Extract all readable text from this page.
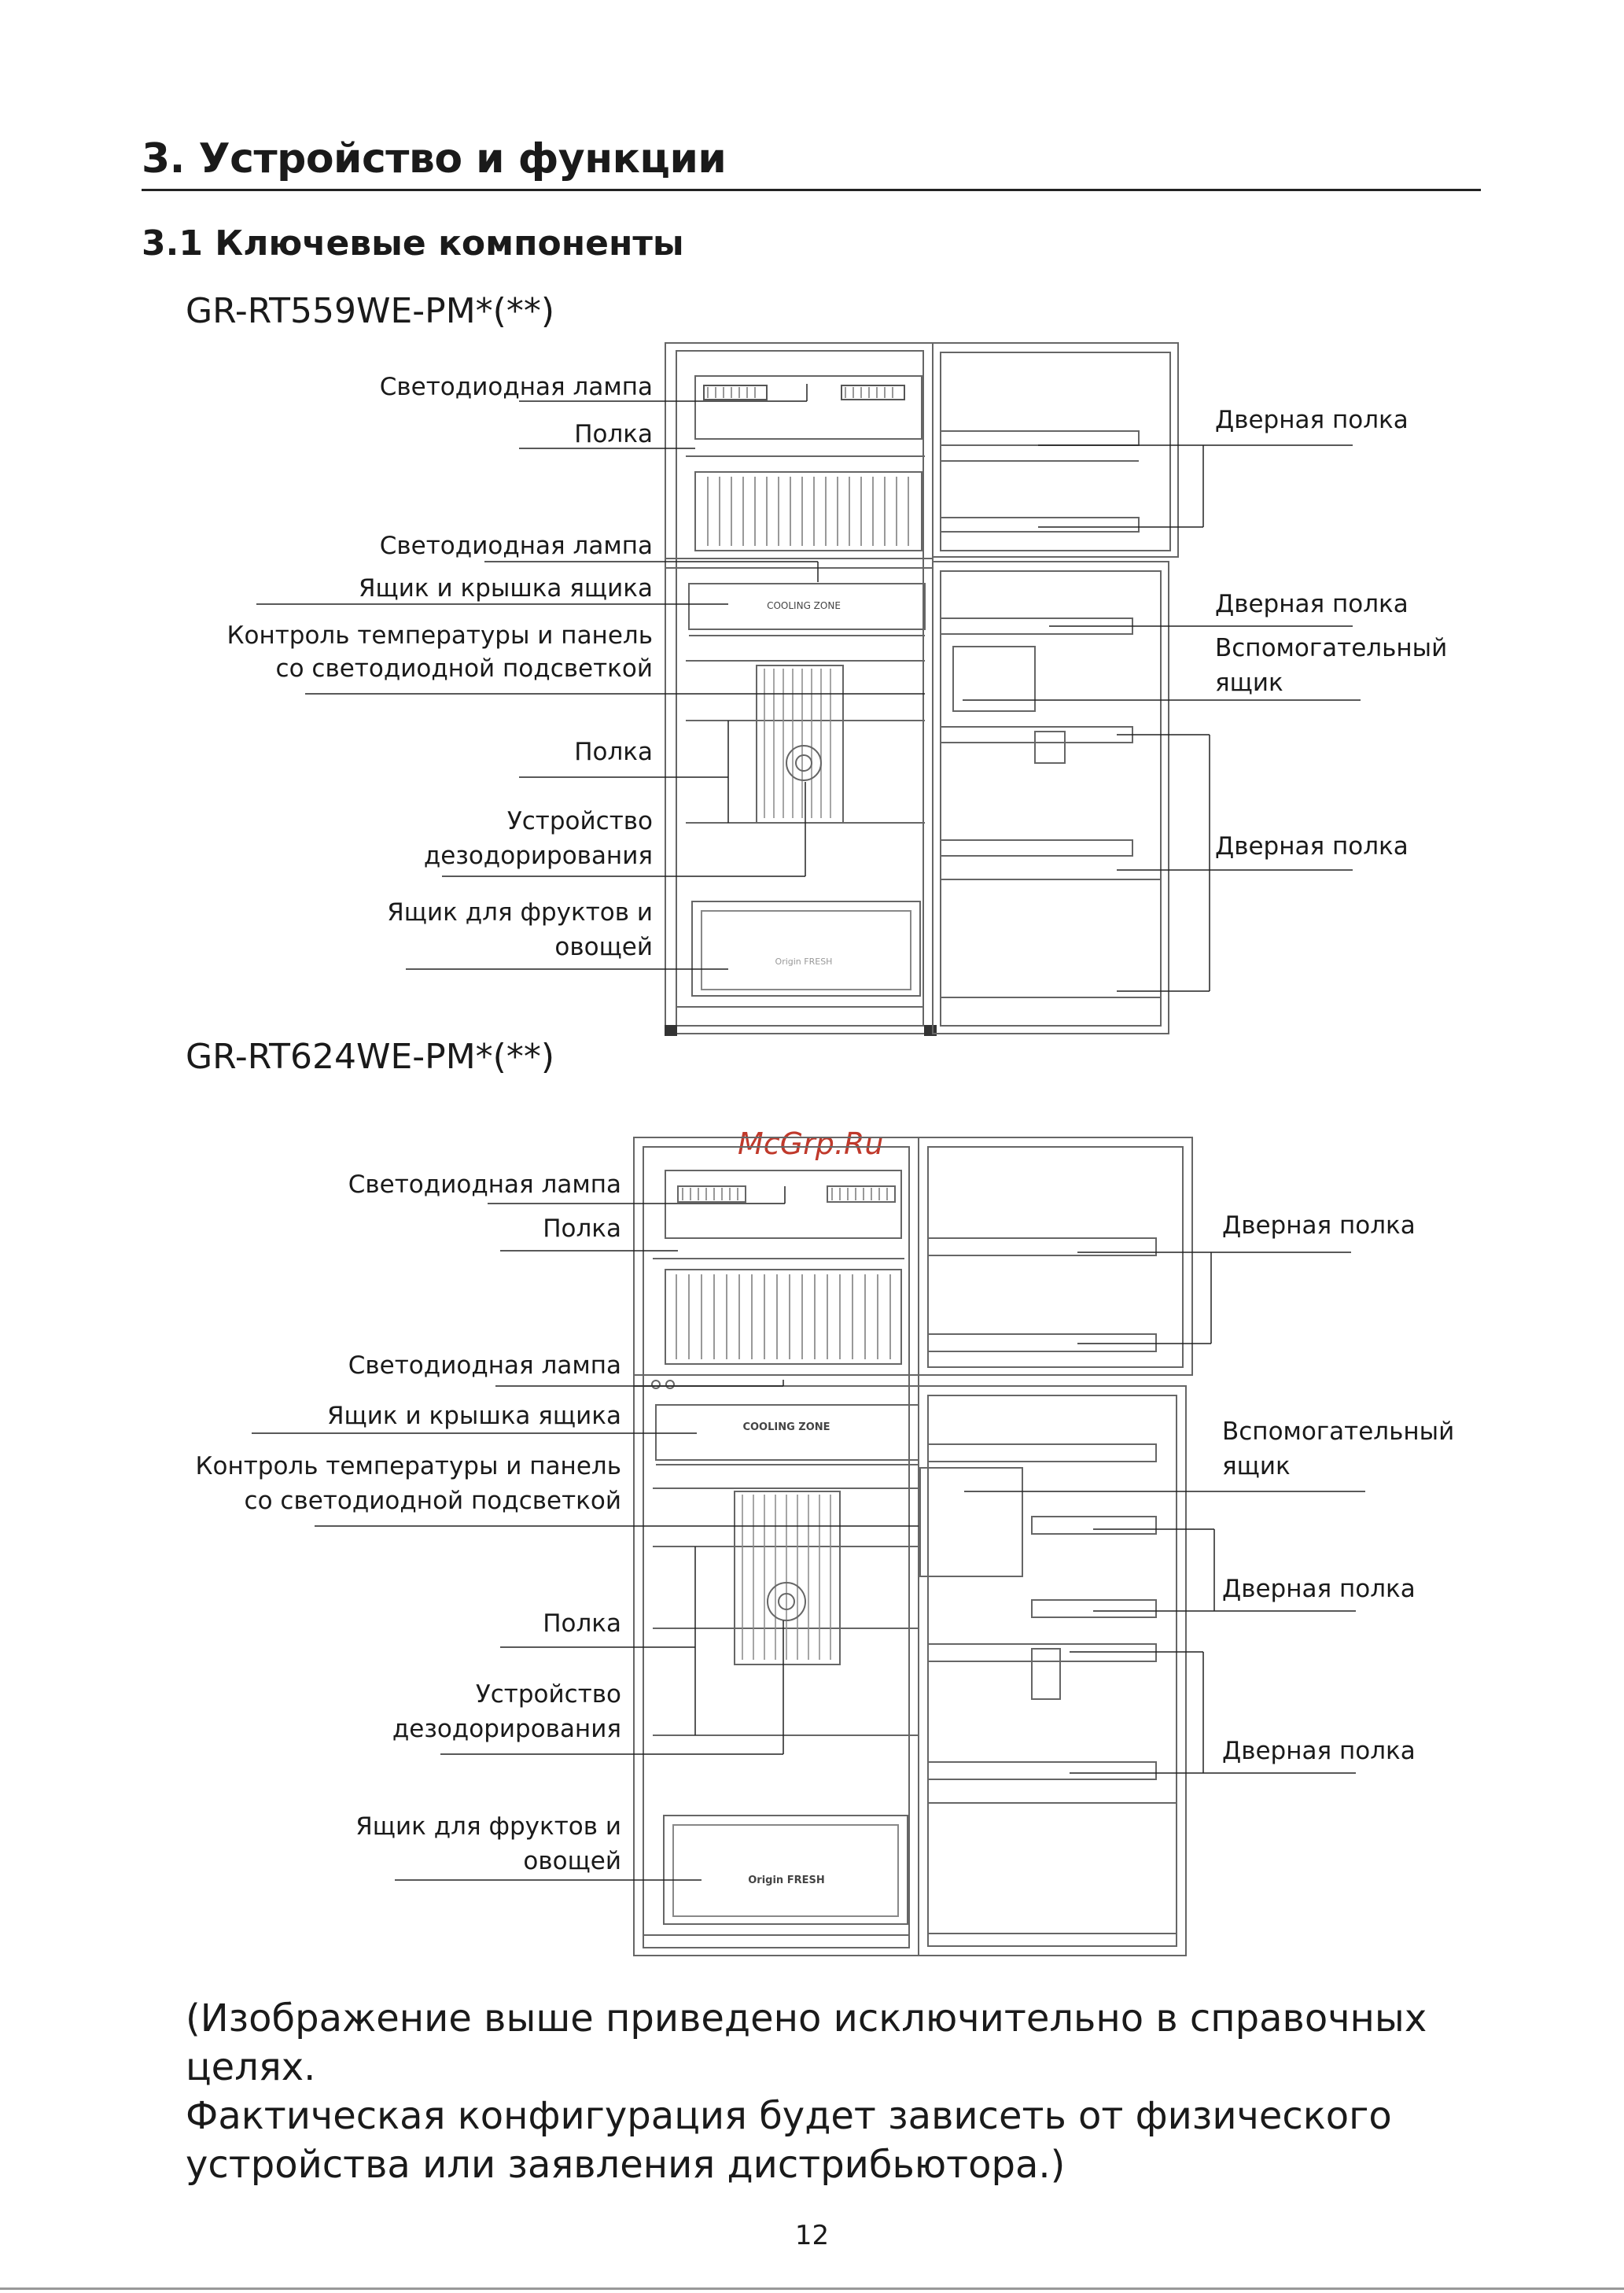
3. Устройство и функции
3.1 Ключевые компоненты
GR-RT559WE-PM*(**)
Светодиодная лампа
Полка
Светодиодная лампа
Ящик и крышка ящика
Контроль температуры и панель
со светодиодной подсветкой
Полка
Устройство
дезодорирования
Ящик для фруктов и
овощей
Дверная полка
Дверная полка
Вспомогательный
ящик
Дверная полка
GR-RT624WE-PM*(**)
McGrp.Ru
Светодиодная лампа
Полка
Светодиодная лампа
Ящик и крышка ящика
Контроль температуры и панель
со светодиодной подсветкой
Полка
Устройство
дезодорирования
Ящик для фруктов и
овощей
Дверная полка
Вспомогательный
ящик
Дверная полка
Дверная полка
COOLING ZONE
Origin FRESH
COOLING ZONE
Origin FRESH
(Изображение выше приведено исключительно в справочных целях.
Фактическая конфигурация будет зависеть от физического
устройства или заявления дистрибьютора.)
12
